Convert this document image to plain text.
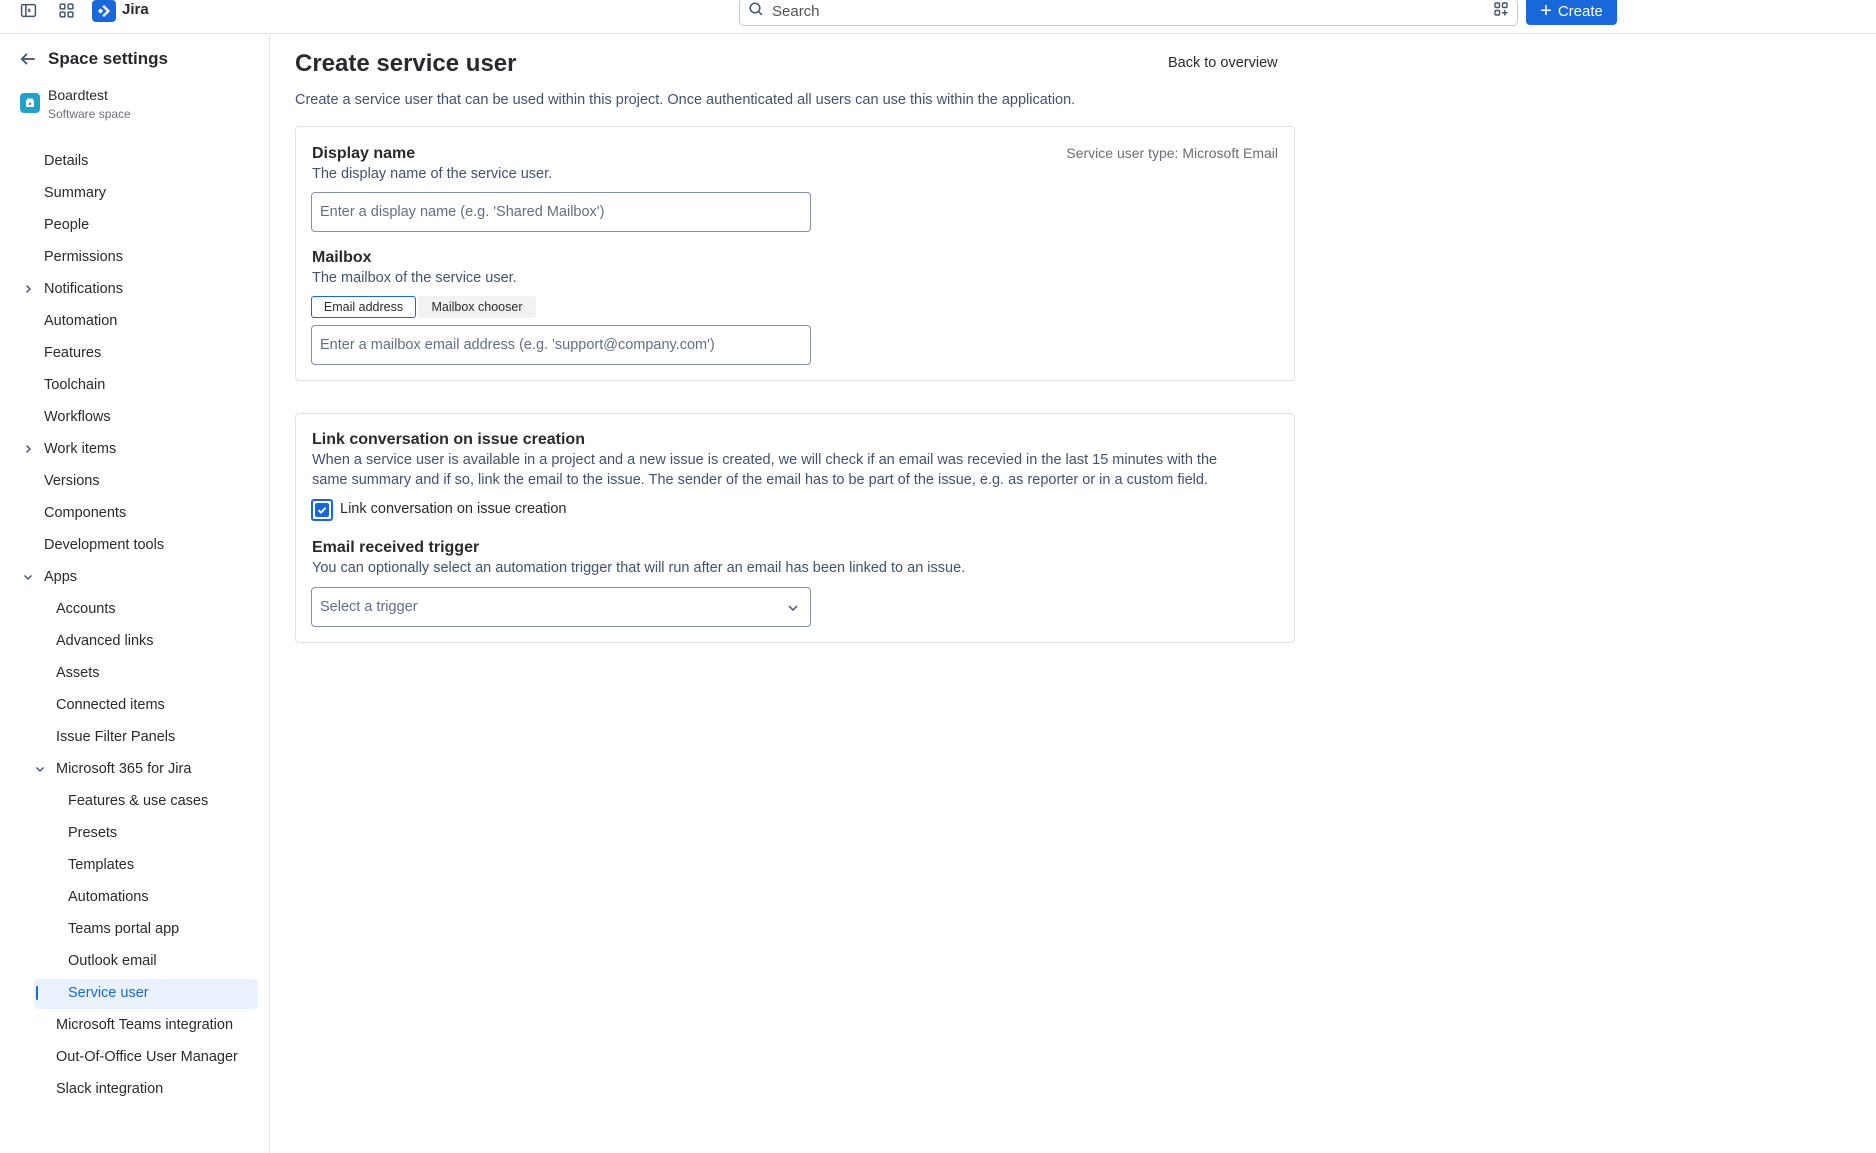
Jira
Search	+ Create
Space settings
Boardtest
Software space
Details
Summary
People
Permissions
Notifications
Automation
Features
Toolchain
Workflows
Work items
Versions
Components
Development tools
Apps
Accounts
Advanced links
Assets
Connected items
Issue Filter Panels
Microsoft 365 for Jira
Features & use cases
Presets
Templates
Automations
Teams portal app
Outlook email
Service user
Microsoft Teams integration
Out-Of-Office User Manager
Slack integration
Create service user	Back to overview

Create a service user that can be used within this project. Once authenticated all users can use this within the application.

Service user type: Microsoft Email
Display name
The display name of the service user.
Enter a display name (e.g. 'Shared Mailbox')
Mailbox
The mailbox of the service user.
Email address Mailbox chooser
Enter a mailbox email address (e.g. 'support@company.com')
Link conversation on issue creation
When a service user is available in a project and a new issue is created, we will check if an email was recevied in the last 15 minutes with the
same summary and if so, link the email to the issue. The sender of the email has to be part of the issue, e.g. as reporter or in a custom field.
Link conversation on issue creation
Email received trigger
You can optionally select an automation trigger that will run after an email has been linked to an issue.
Select a trigger
